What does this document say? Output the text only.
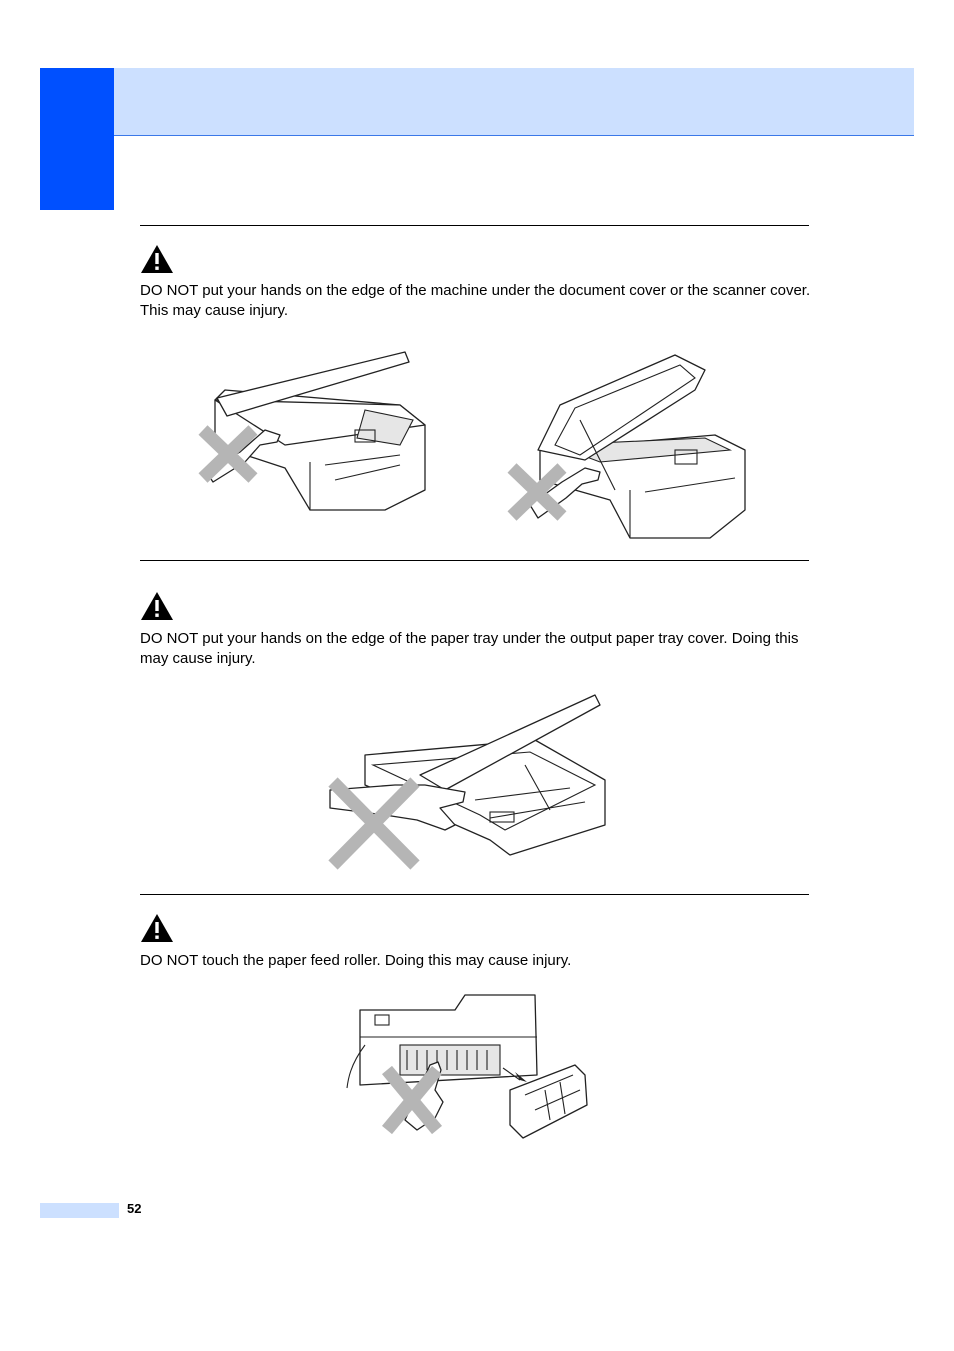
DO NOT put your hands on the edge of the machine under the document cover or the scanner cover. This may cause injury.

DO NOT put your hands on the edge of the paper tray under the output paper tray cover. Doing this may cause injury.

DO NOT touch the paper feed roller. Doing this may cause injury.

52
